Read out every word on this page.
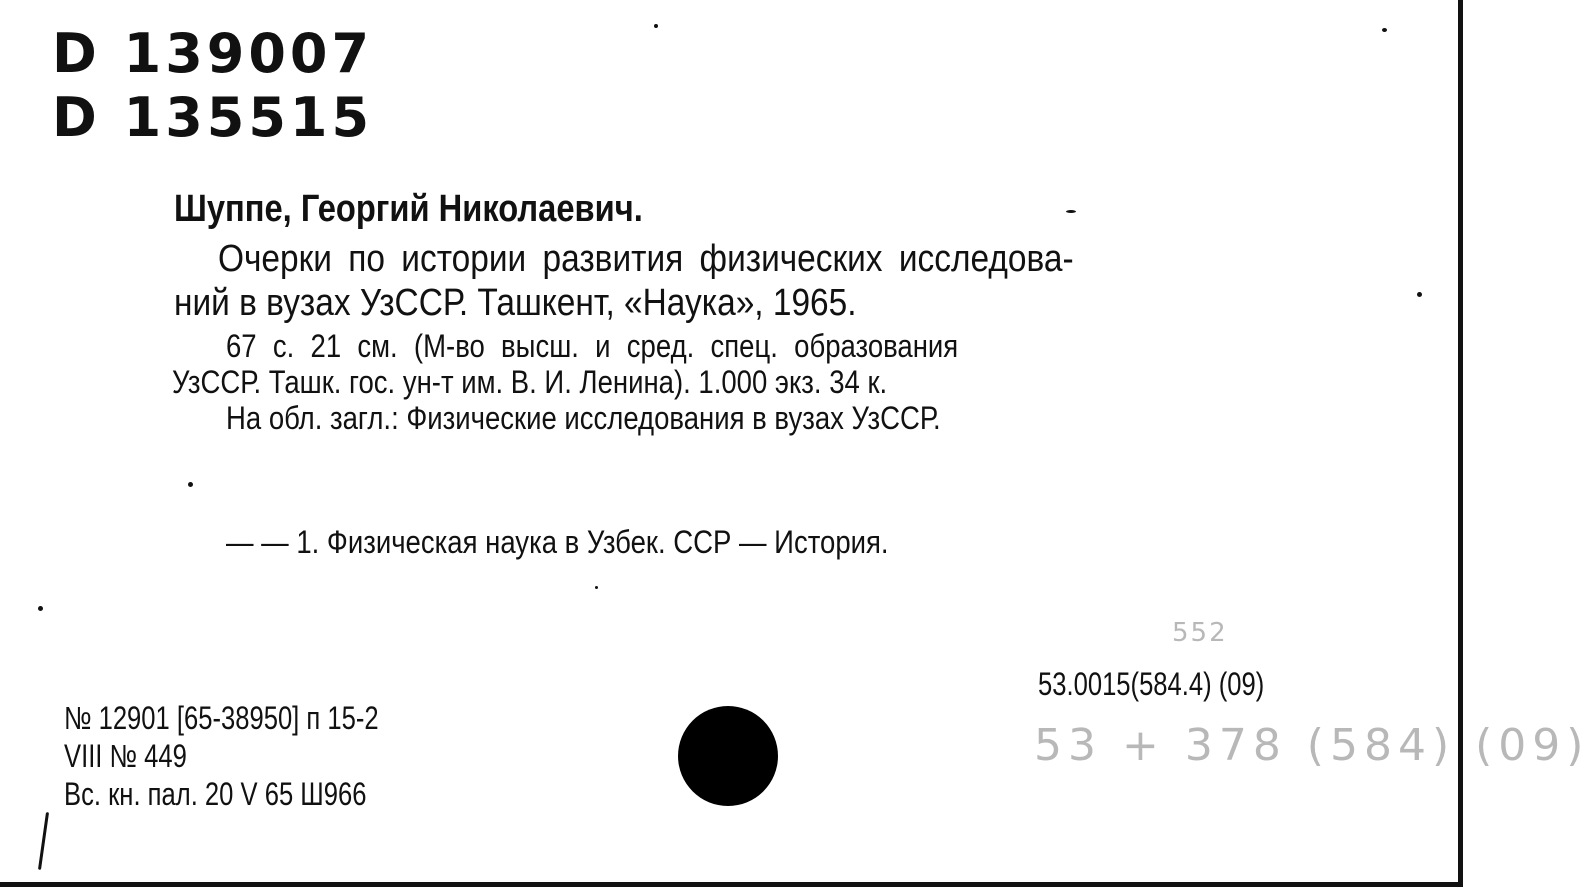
D 139007
D 135515
Шуппе, Георгий Николаевич.
Очерки по истории развития физических исследова-
ний в вузах УзССР. Ташкент, «Наука», 1965.
67 с. 21 см. (М-во высш. и сред. спец. образования
УзССР. Ташк. гос. ун-т им. В. И. Ленина). 1.000 экз. 34 к.
На обл. загл.: Физические исследования в вузах УзССР.
— — 1. Физическая наука в Узбек. ССР — История.
552
53.0015(584.4) (09)
53 + 378 (584) (09)
№ 12901 [65-38950] п 15-2
VIII № 449
Вс. кн. пал. 20 V 65 Ш966
